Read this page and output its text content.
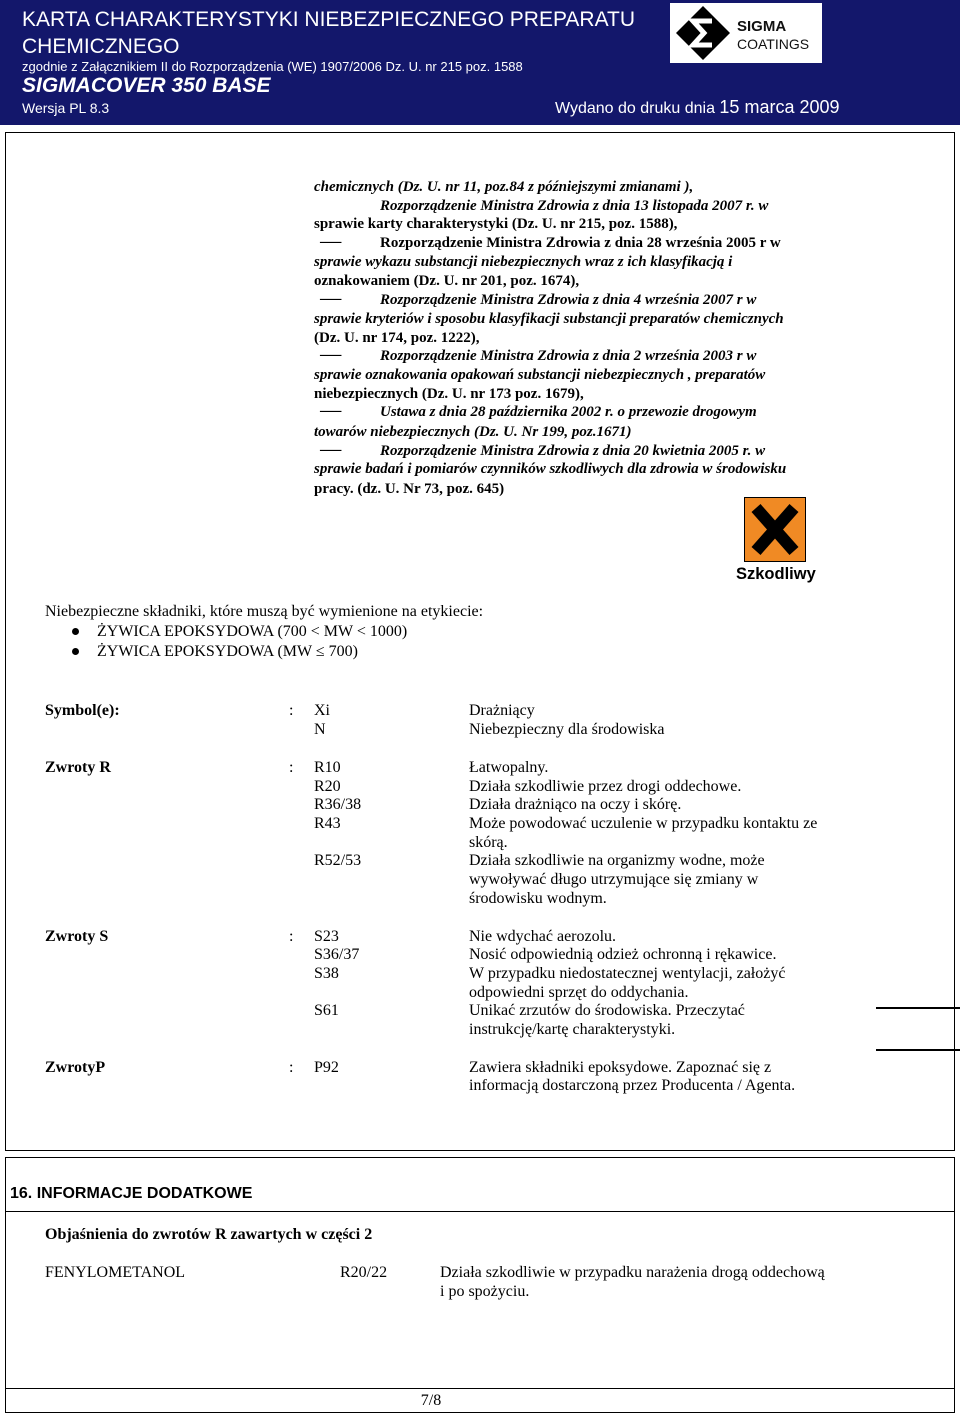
KARTA CHARAKTERYSTYKI NIEBEZPIECZNEGO PREPARATU
CHEMICZNEGO
zgodnie z Załącznikiem II do Rozporządzenia (WE) 1907/2006 Dz. U. nr 215 poz. 1588
SIGMACOVER 350 BASE
Wersja PL 8.3	Wydano do druku dnia 15 marca 2009
SIGMA
COATINGS
chemicznych (Dz. U. nr 11, poz.84 z późniejszymi zmianami ),
Rozporządzenie Ministra Zdrowia z dnia 13 listopada 2007 r. w
sprawie karty charakterystyki (Dz. U. nr 215, poz. 1588),
─	Rozporządzenie Ministra Zdrowia z dnia 28 września 2005 r w
sprawie wykazu substancji niebezpiecznych wraz z ich klasyfikacją i
oznakowaniem (Dz. U. nr 201, poz. 1674),
─	Rozporządzenie Ministra Zdrowia z dnia 4 września 2007 r w
sprawie kryteriów i sposobu klasyfikacji substancji preparatów chemicznych
(Dz. U. nr 174, poz. 1222),
─	Rozporządzenie Ministra Zdrowia z dnia 2 września 2003 r w
sprawie oznakowania opakowań substancji niebezpiecznych , preparatów
niebezpiecznych (Dz. U. nr 173 poz. 1679),
─	Ustawa z dnia 28 października 2002 r. o przewozie drogowym
towarów niebezpiecznych (Dz. U. Nr 199, poz.1671)
─	Rozporządzenie Ministra Zdrowia z dnia 20 kwietnia 2005 r. w
sprawie badań i pomiarów czynników szkodliwych dla zdrowia w środowisku
pracy. (dz. U. Nr 73, poz. 645)
Szkodliwy
Niebezpieczne składniki, które muszą być wymienione na etykiecie:
ŻYWICA EPOKSYDOWA (700 < MW < 1000)
ŻYWICA EPOKSYDOWA (MW ≤ 700)
Symbol(e):	: Xi	Drażniący
N	Niebezpieczny dla środowiska
Zwroty R	: R10	Łatwopalny.
R20	Działa szkodliwie przez drogi oddechowe.
R36/38	Działa drażniąco na oczy i skórę.
R43	Może powodować uczulenie w przypadku kontaktu ze
skórą.
R52/53	Działa szkodliwie na organizmy wodne, może
wywoływać długo utrzymujące się zmiany w
środowisku wodnym.
Zwroty S	: S23	Nie wdychać aerozolu.
S36/37	Nosić odpowiednią odzież ochronną i rękawice.
S38	W przypadku niedostatecznej wentylacji, założyć
odpowiedni sprzęt do oddychania.
S61	Unikać zrzutów do środowiska. Przeczytać
instrukcję/kartę charakterystyki.
ZwrotyP	: P92	Zawiera składniki epoksydowe. Zapoznać się z
informacją dostarczoną przez Producenta / Agenta.
16. INFORMACJE DODATKOWE
Objaśnienia do zwrotów R zawartych w części 2
FENYLOMETANOL	R20/22	Działa szkodliwie w przypadku narażenia drogą oddechową
i po spożyciu.
7/8
